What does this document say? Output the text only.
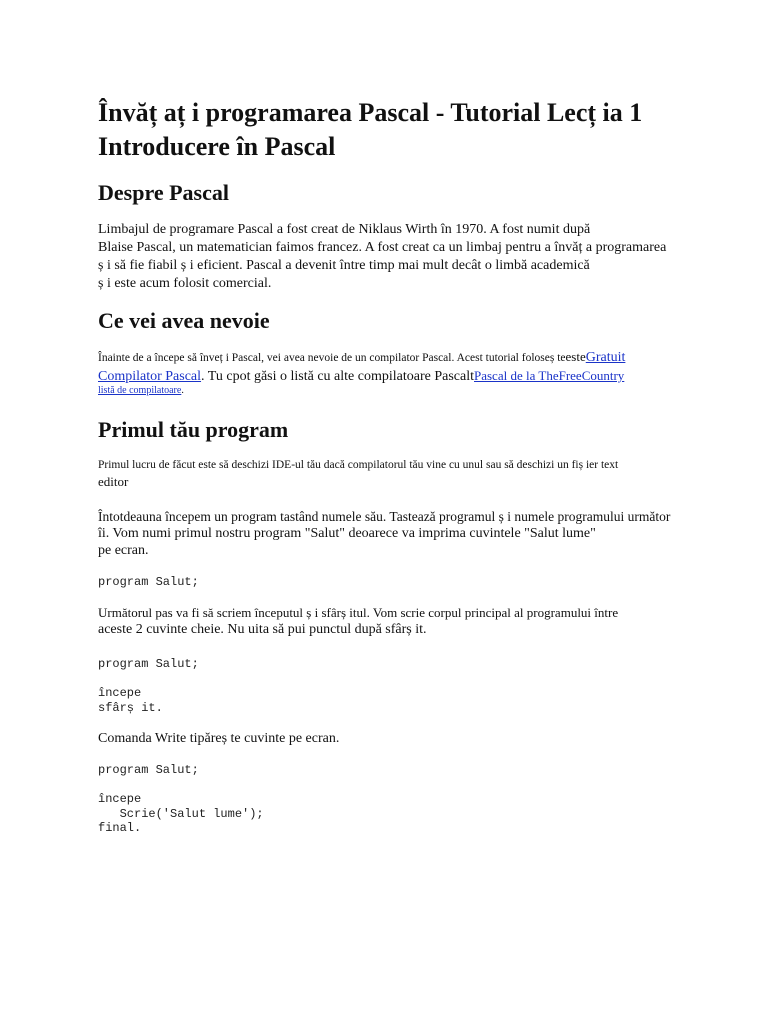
Învăț aț i programarea Pascal - Tutorial Lecț ia 1
Introducere în Pascal
Despre Pascal
Limbajul de programare Pascal a fost creat de Niklaus Wirth în 1970. A fost numit după
Blaise Pascal, un matematician faimos francez. A fost creat ca un limbaj pentru a învăț a programarea
ș i să fie fiabil ș i eficient. Pascal a devenit între timp mai mult decât o limbă academică
ș i este acum folosit comercial.
Ce vei avea nevoie
Înainte de a începe să înveț i Pascal, vei avea nevoie de un compilator Pascal. Acest tutorial foloseș teesteGratuit
Compilator Pascal. Tu cpot găsi o listă cu alte compilatoare PascaltPascal de la TheFreeCountry
listă de compilatoare.
Primul tău program
Primul lucru de făcut este să deschizi IDE-ul tău dacă compilatorul tău vine cu unul sau să deschizi un fiș ier text
editor
Întotdeauna începem un program tastând numele său. Tastează programul ș i numele programului următor
îi. Vom numi primul nostru program "Salut" deoarece va imprima cuvintele "Salut lume"
pe ecran.
program Salut;
Următorul pas va fi să scriem începutul ș i sfârș itul. Vom scrie corpul principal al programului între
aceste 2 cuvinte cheie. Nu uita să pui punctul după sfârș it.
program Salut;

începe
sfârș it.
Comanda Write tipăreș te cuvinte pe ecran.
program Salut;

începe
Scrie('Salut lume');
final.
